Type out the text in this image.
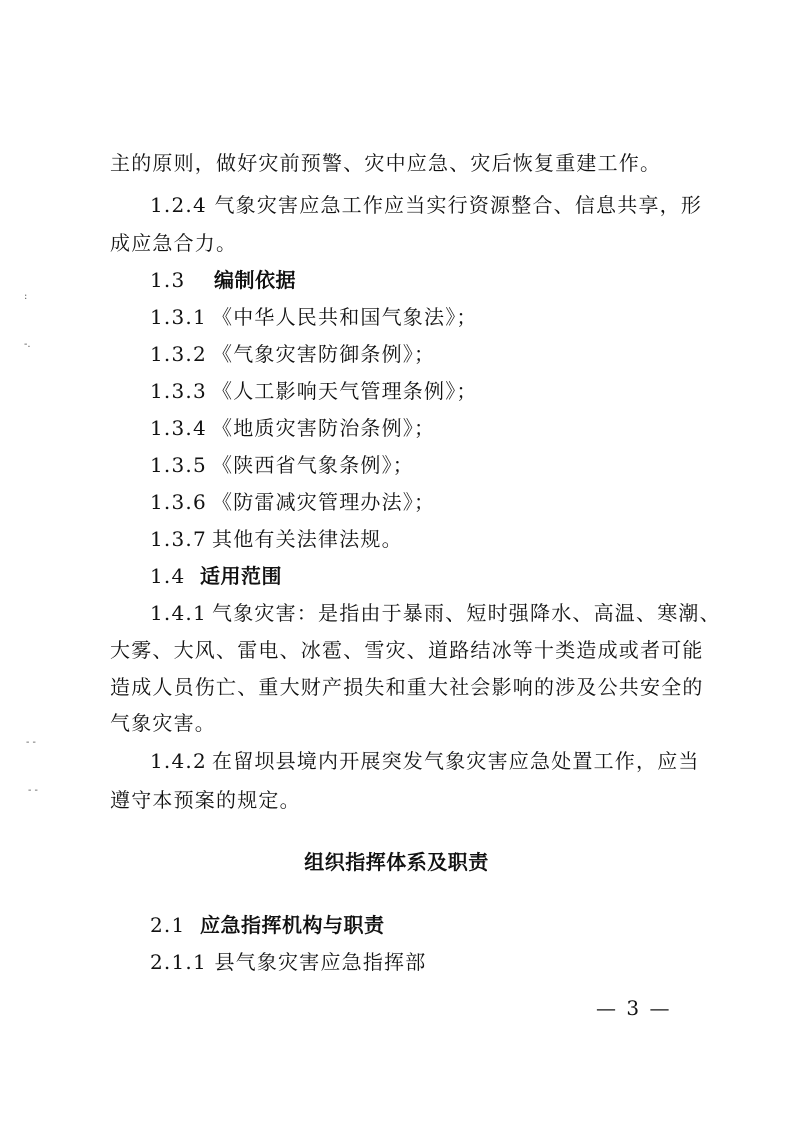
主的原则，做好灾前预警、灾中应急、灾后恢复重建工作。
1.2.4 气象灾害应急工作应当实行资源整合、信息共享，形
成应急合力。
1.3 编制依据
1.3.1 《中华人民共和国气象法》；
1.3.2 《气象灾害防御条例》；
1.3.3 《人工影响天气管理条例》；
1.3.4 《地质灾害防治条例》；
1.3.5 《陕西省气象条例》；
1.3.6 《防雷减灾管理办法》；
1.3.7 其他有关法律法规。
1.4 适用范围
1.4.1 气象灾害：是指由于暴雨、短时强降水、高温、寒潮、
大雾、大风、雷电、冰雹、雪灾、道路结冰等十类造成或者可能
造成人员伤亡、重大财产损失和重大社会影响的涉及公共安全的
气象灾害。
1.4.2 在留坝县境内开展突发气象灾害应急处置工作，应当
遵守本预案的规定。
组织指挥体系及职责
2.1 应急指挥机构与职责
2.1.1 县气象灾害应急指挥部
— 3 —
:
-.
- -
- -
